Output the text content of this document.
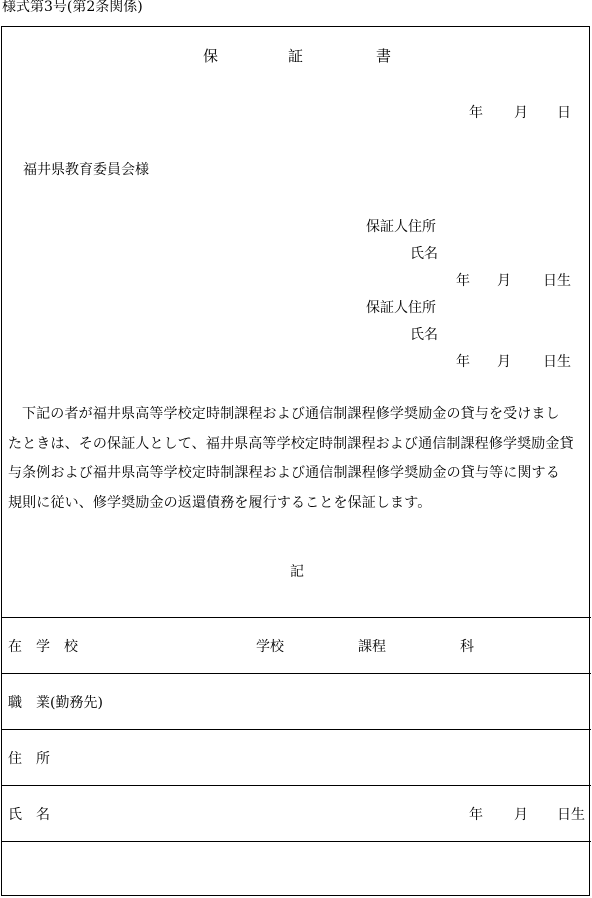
様式第3号(第2条関係)
保	証	書
年 月 日
福井県教育委員会様
保証人住所
氏名
年 月 日生
保証人住所
氏名
年 月 日生
下記の者が福井県高等学校定時制課程および通信制課程修学奨励金の貸与を受けまし
たときは、その保証人として、福井県高等学校定時制課程および通信制課程修学奨励金貸
与条例および福井県高等学校定時制課程および通信制課程修学奨励金の貸与等に関する
規則に従い、修学奨励金の返還債務を履行することを保証します。
記
在　学　校	学校	課程	科
職　業(勤務先)
住　所
氏　名	年 月 日生
